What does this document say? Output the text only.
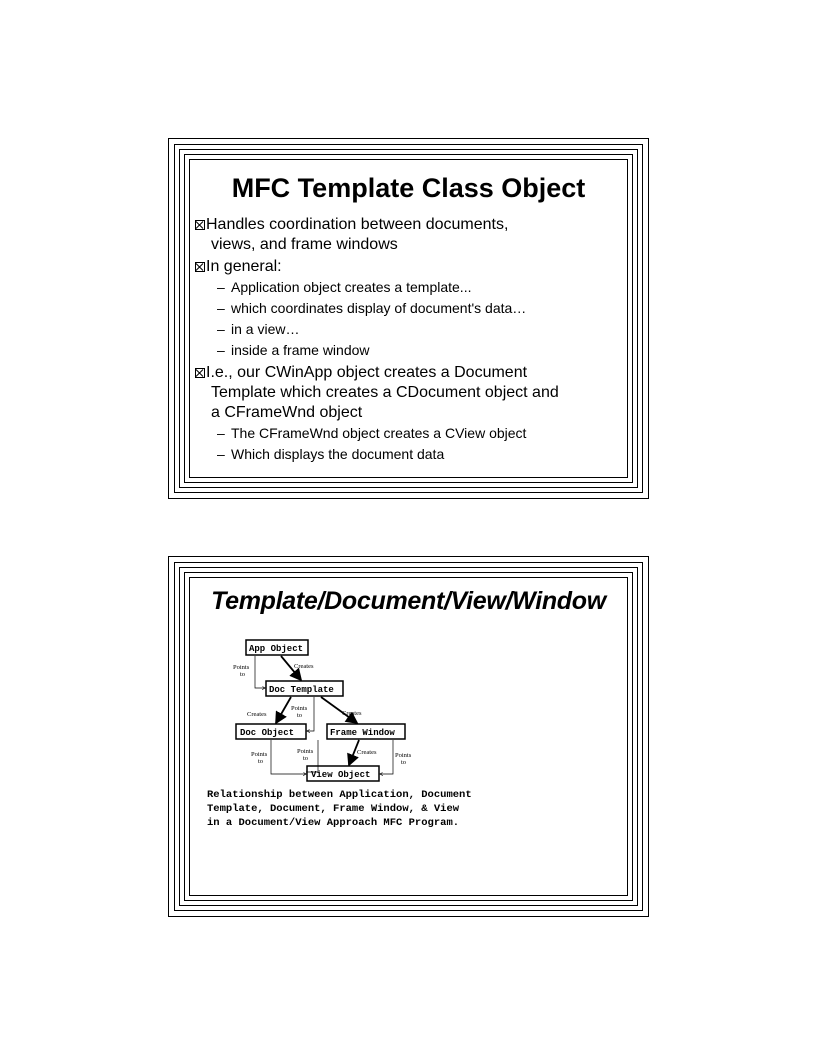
MFC Template Class Object
Handles coordination between documents,
views, and frame windows
In general:
– Application object creates a template...
– which coordinates display of document's data…
– in a view…
– inside a frame window
I.e., our CWinApp object creates a Document
Template which creates a CDocument object and
a CFrameWnd object
– The CFrameWnd object creates a CView object
– Which displays the document data
Template/Document/View/Window
App Object
Doc Template
Doc Object	Frame Window
View Object
Points
to
Creates
Creates
Points
to	Creates
Points
to
Points
to
Creates	Points
to
Relationship between Application, Document
Template, Document, Frame Window, & View
in a Document/View Approach MFC Program.
